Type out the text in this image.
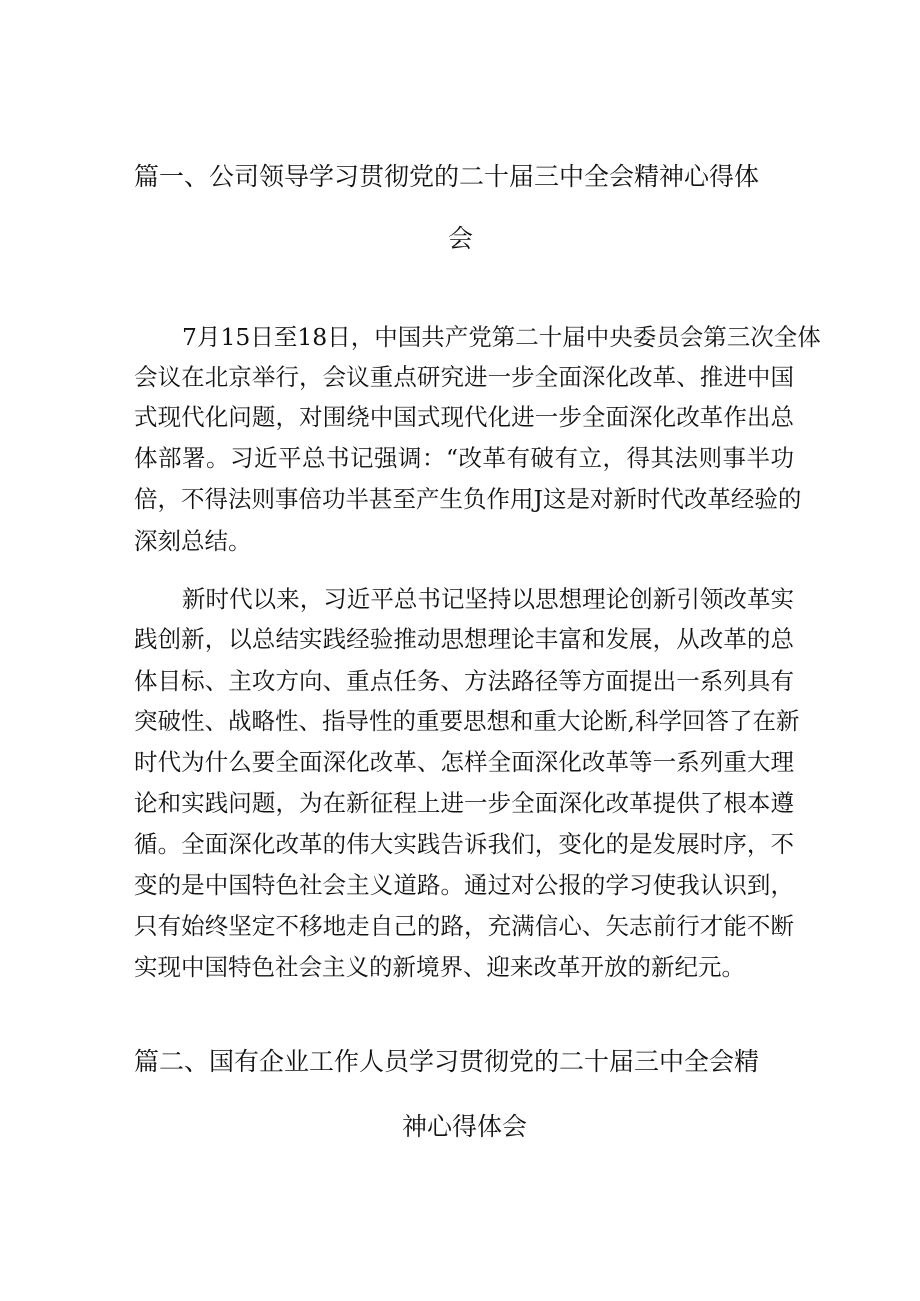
篇一、公司领导学习贯彻党的二十届三中全会精神心得体
会
7月15日至18日，中国共产党第二十届中央委员会第三次全体
会议在北京举行，会议重点研究进一步全面深化改革、推进中国
式现代化问题，对围绕中国式现代化进一步全面深化改革作出总
体部署。习近平总书记强调：“改革有破有立，得其法则事半功
倍，不得法则事倍功半甚至产生负作用J这是对新时代改革经验的
深刻总结。
新时代以来，习近平总书记坚持以思想理论创新引领改革实
践创新，以总结实践经验推动思想理论丰富和发展，从改革的总
体目标、主攻方向、重点任务、方法路径等方面提出一系列具有
突破性、战略性、指导性的重要思想和重大论断,科学回答了在新
时代为什么要全面深化改革、怎样全面深化改革等一系列重大理
论和实践问题，为在新征程上进一步全面深化改革提供了根本遵
循。全面深化改革的伟大实践告诉我们，变化的是发展时序，不
变的是中国特色社会主义道路。通过对公报的学习使我认识到，
只有始终坚定不移地走自己的路，充满信心、矢志前行才能不断
实现中国特色社会主义的新境界、迎来改革开放的新纪元。
篇二、国有企业工作人员学习贯彻党的二十届三中全会精
神心得体会
